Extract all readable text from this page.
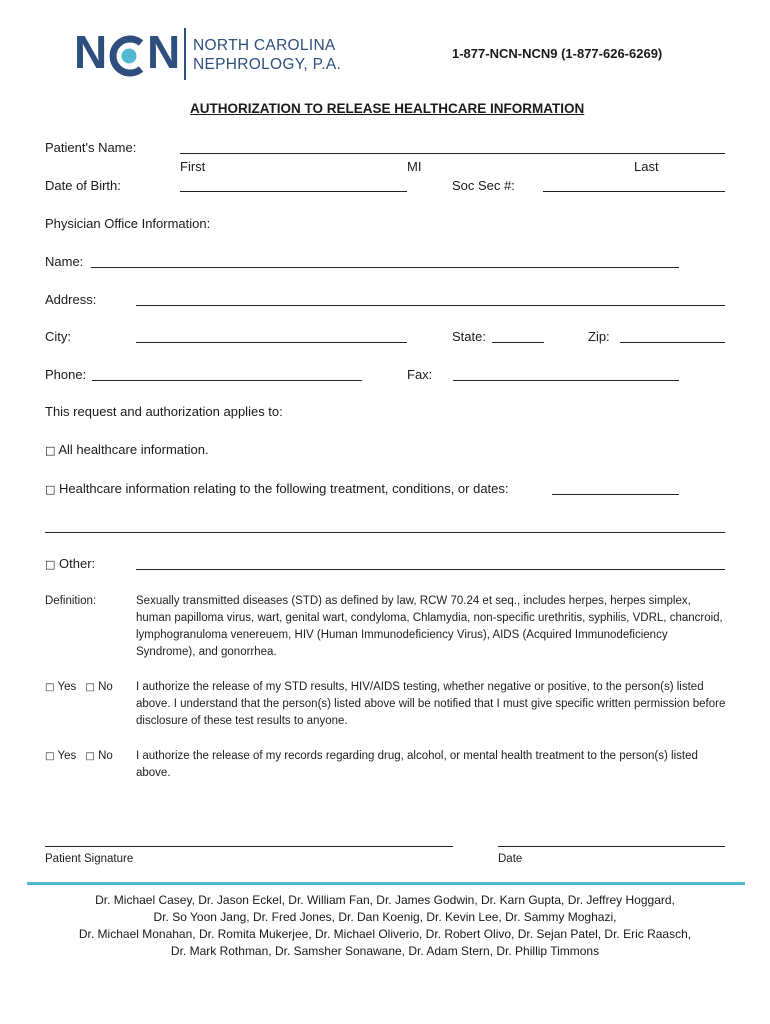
N N NORTH CAROLINA
NEPHROLOGY, P.A.
1-877-NCN-NCN9 (1-877-626-6269)
AUTHORIZATION TO RELEASE HEALTHCARE INFORMATION
Patient's Name:
First	MI	Last
Date of Birth:	Soc Sec #:
Physician Office Information:
Name:
Address:
City:	State:	Zip:
Phone:	Fax:
This request and authorization applies to:
□ All healthcare information.
□ Healthcare information relating to the following treatment, conditions, or dates:
□ Other:
Definition:	Sexually transmitted diseases (STD) as defined by law, RCW 70.24 et seq., includes herpes, herpes simplex, human papilloma virus, wart, genital wart, condyloma, Chlamydia, non-specific urethritis, syphilis, VDRL, chancroid, lymphogranuloma venereuem, HIV (Human Immunodeficiency Virus), AIDS (Acquired Immunodeficiency Syndrome), and gonorrhea.
□ Yes □ No I authorize the release of my STD results, HIV/AIDS testing, whether negative or positive, to the person(s) listed above. I understand that the person(s) listed above will be notified that I must give specific written permission before disclosure of these test results to anyone.
□ Yes □ No I authorize the release of my records regarding drug, alcohol, or mental health treatment to the person(s) listed above.
Patient Signature	Date
Dr. Michael Casey, Dr. Jason Eckel, Dr. William Fan, Dr. James Godwin, Dr. Karn Gupta, Dr. Jeffrey Hoggard,
Dr. So Yoon Jang, Dr. Fred Jones, Dr. Dan Koenig, Dr. Kevin Lee, Dr. Sammy Moghazi,
Dr. Michael Monahan, Dr. Romita Mukerjee, Dr. Michael Oliverio, Dr. Robert Olivo, Dr. Sejan Patel, Dr. Eric Raasch,
Dr. Mark Rothman, Dr. Samsher Sonawane, Dr. Adam Stern, Dr. Phillip Timmons
